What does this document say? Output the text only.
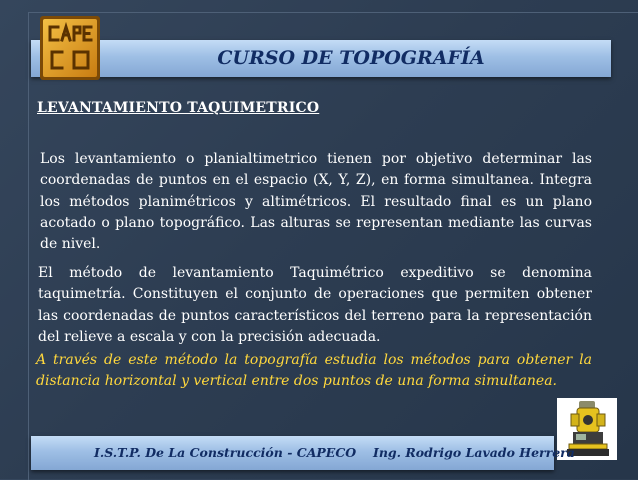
CURSO DE TOPOGRAFÍA
LEVANTAMIENTO TAQUIMETRICO
Los levantamiento o planialtimetrico tienen por objetivo determinar las coordenadas de puntos en el espacio (X, Y, Z), en forma simultanea. Integra los métodos planimétricos y altimétricos. El resultado final es un plano acotado o plano topográfico. Las alturas se representan mediante las curvas de nivel.
El método de levantamiento Taquimétrico expeditivo se denomina taquimetría. Constituyen el conjunto de operaciones que permiten obtener las coordenadas de puntos característicos del terreno para la representación del relieve a escala y con la precisión adecuada.
A través de este método la topografía estudia los métodos para obtener la distancia horizontal y vertical entre dos puntos de una forma simultanea.
I.S.T.P. De La Construcción - CAPECO Ing. Rodrigo Lavado Herrera
